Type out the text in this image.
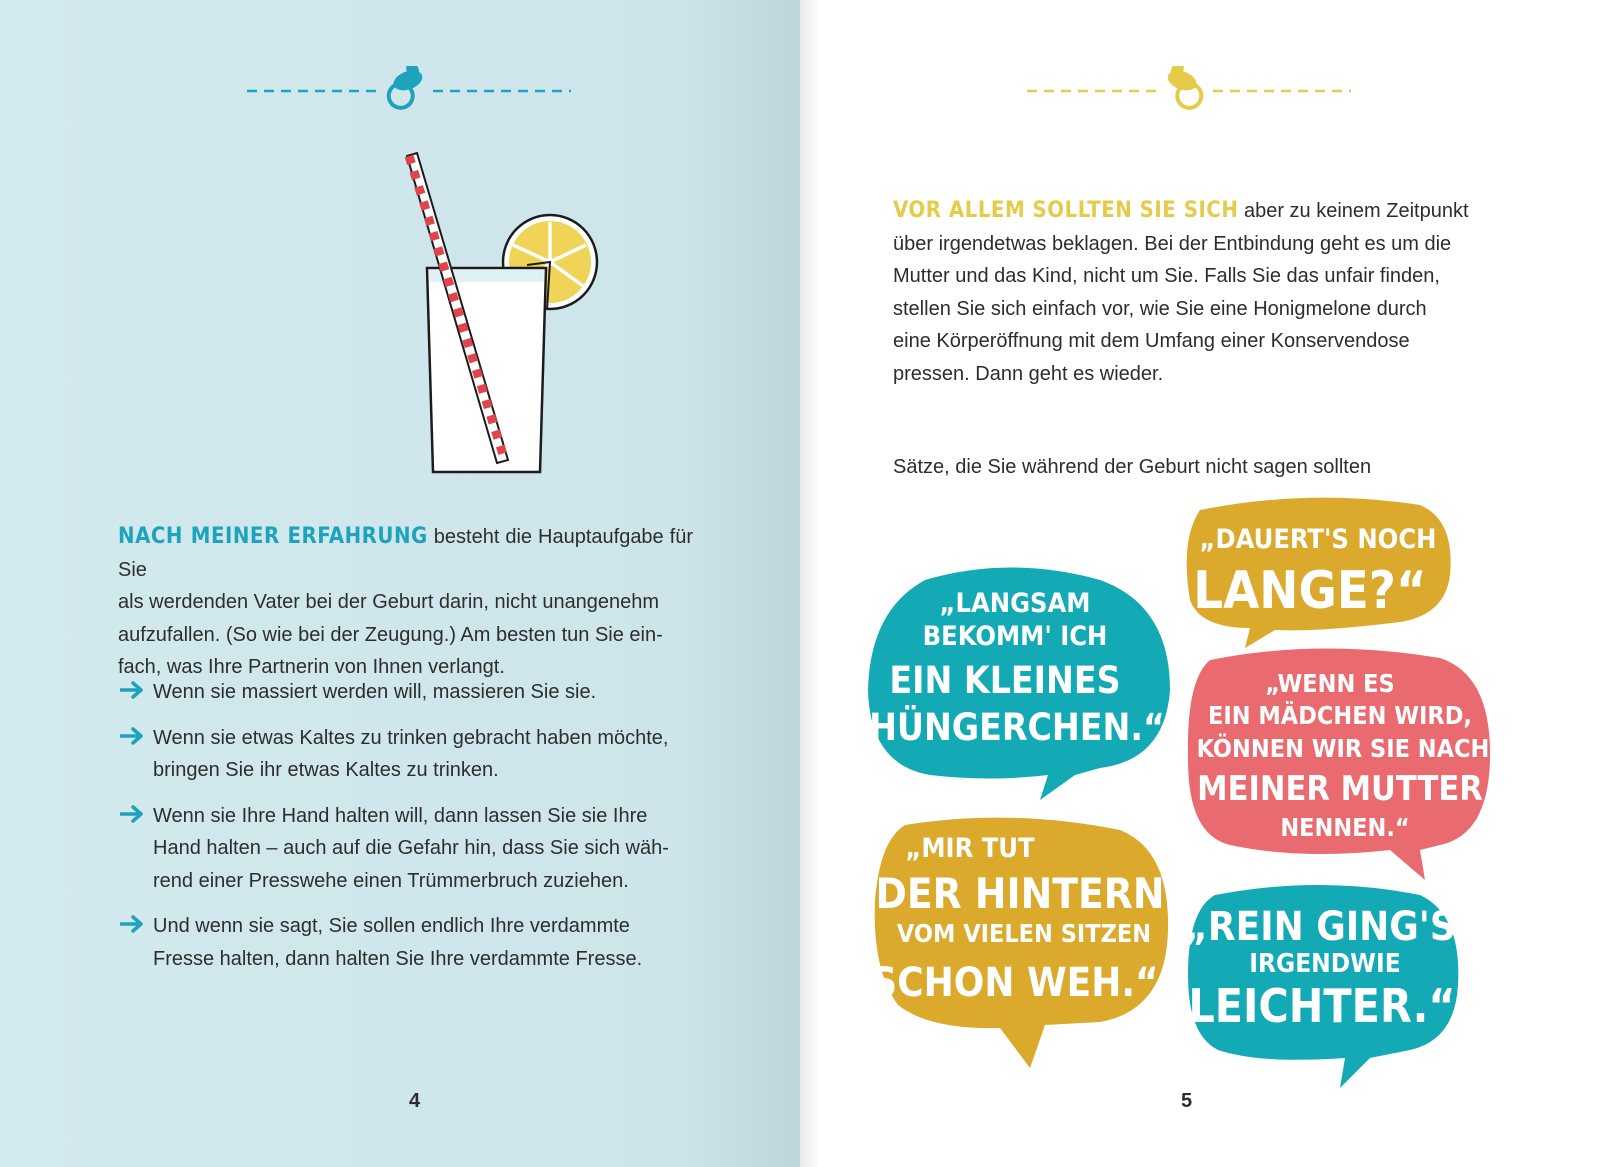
NACH MEINER ERFAHRUNG besteht die Hauptaufgabe für Sie
als werdenden Vater bei der Geburt darin, nicht unangenehm
aufzufallen. (So wie bei der Zeugung.) Am besten tun Sie ein-
fach, was Ihre Partnerin von Ihnen verlangt.
Wenn sie massiert werden will, massieren Sie sie.
Wenn sie etwas Kaltes zu trinken gebracht haben möchte,
bringen Sie ihr etwas Kaltes zu trinken.
Wenn sie Ihre Hand halten will, dann lassen Sie sie Ihre
Hand halten – auch auf die Gefahr hin, dass Sie sich wäh-
rend einer Presswehe einen Trümmerbruch zuziehen.
Und wenn sie sagt, Sie sollen endlich Ihre verdammte
Fresse halten, dann halten Sie Ihre verdammte Fresse.
4
VOR ALLEM SOLLTEN SIE SICH aber zu keinem Zeitpunkt
über irgendetwas beklagen. Bei der Entbindung geht es um die
Mutter und das Kind, nicht um Sie. Falls Sie das unfair finden,
stellen Sie sich einfach vor, wie Sie eine Honigmelone durch
eine Körperöffnung mit dem Umfang einer Konservendose
pressen. Dann geht es wieder.
Sätze, die Sie während der Geburt nicht sagen sollten
„DAUERT'S NOCH
LANGE?“
„LANGSAM
BEKOMM' ICH
EIN KLEINES
HÜNGERCHEN.“
„WENN ES
EIN MÄDCHEN WIRD,
KÖNNEN WIR SIE NACH
MEINER MUTTER
NENNEN.“
„MIR TUT
DER HINTERN
VOM VIELEN SITZEN
SCHON WEH.“
„REIN GING'S
IRGENDWIE
LEICHTER.“
5
